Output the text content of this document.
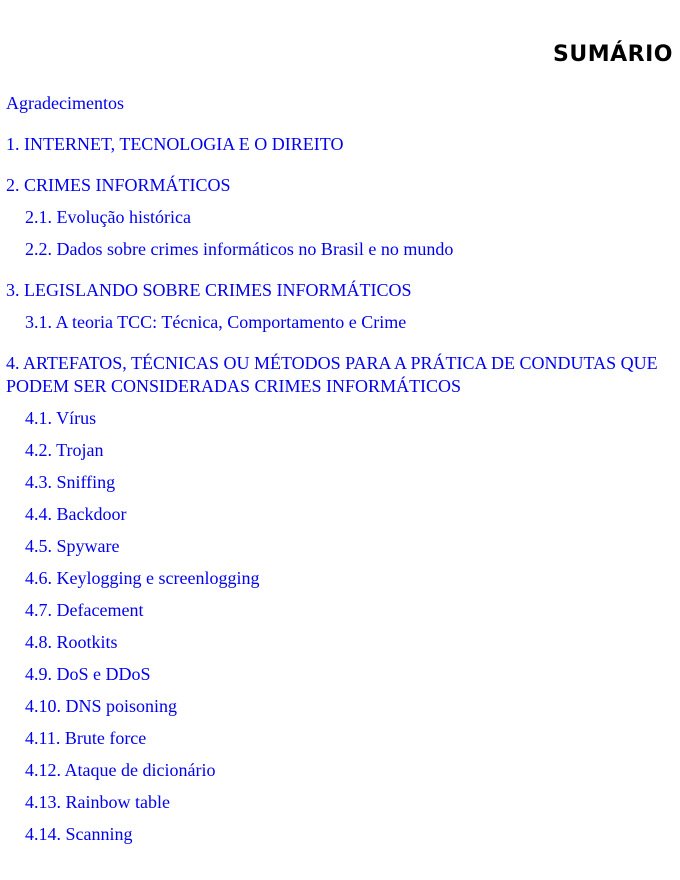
SUMÁRIO
Agradecimentos
1. INTERNET, TECNOLOGIA E O DIREITO
2. CRIMES INFORMÁTICOS
2.1. Evolução histórica
2.2. Dados sobre crimes informáticos no Brasil e no mundo
3. LEGISLANDO SOBRE CRIMES INFORMÁTICOS
3.1. A teoria TCC: Técnica, Comportamento e Crime
4. ARTEFATOS, TÉCNICAS OU MÉTODOS PARA A PRÁTICA DE CONDUTAS QUE PODEM SER CONSIDERADAS CRIMES INFORMÁTICOS
4.1. Vírus
4.2. Trojan
4.3. Sniffing
4.4. Backdoor
4.5. Spyware
4.6. Keylogging e screenlogging
4.7. Defacement
4.8. Rootkits
4.9. DoS e DDoS
4.10. DNS poisoning
4.11. Brute force
4.12. Ataque de dicionário
4.13. Rainbow table
4.14. Scanning
